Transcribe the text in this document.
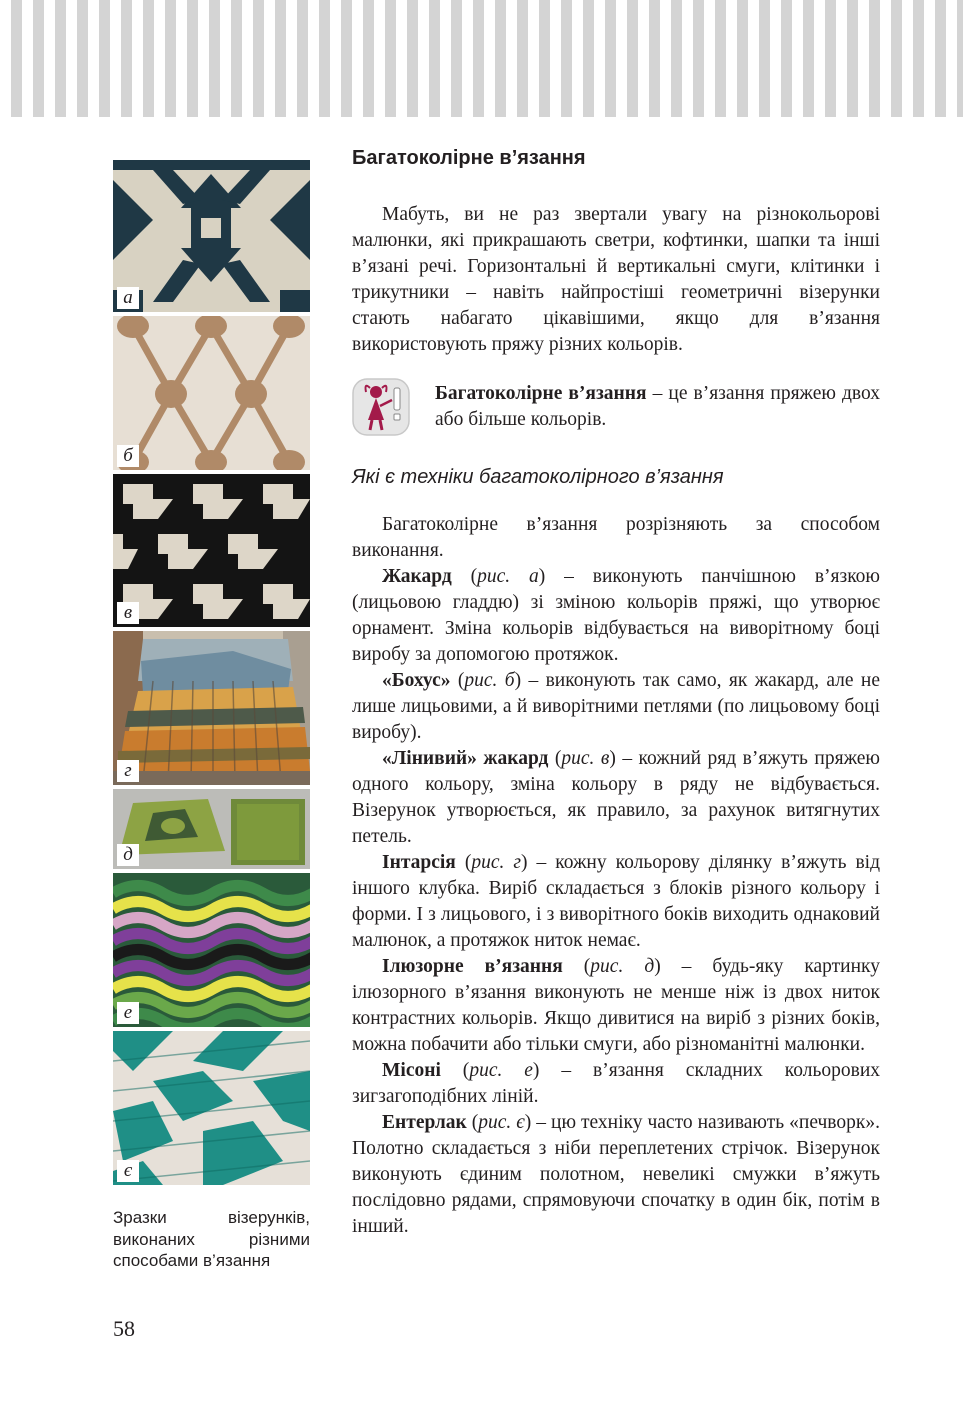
а
б
в
г
д
е
є
Зразки візерунків, виконаних різними способами в’язання
Багатоколірне в’язання

Мабуть, ви не раз звертали увагу на різнокольорові малюнки, які прикрашають светри, кофтинки, шапки та інші в’язані речі. Горизонтальні й вертикальні смуги, клітинки і трикутники – навіть найпростіші геометричні візерунки стають набагато цікавішими, якщо для в’язання використовують пряжу різних кольорів.

Багатоколірне в’язання – це в’язання пряжею двох або більше кольорів.

Які є техніки багатоколірного в’язання

Багатоколірне в’язання розрізняють за способом виконання.

Жакард (рис. а) – виконують панчішною в’язкою (лицьовою гладдю) зі зміною кольорів пряжі, що утворює орнамент. Зміна кольорів відбувається на виворітному боці виробу за допомогою протяжок.

«Бохус» (рис. б) – виконують так само, як жакард, але не лише лицьовими, а й виворітними петлями (по лицьовому боці виробу).

«Лінивий» жакард (рис. в) – кожний ряд в’яжуть пряжею одного кольору, зміна кольору в ряду не відбувається. Візерунок утворюється, як правило, за рахунок витягнутих петель.

Інтарсія (рис. г) – кожну кольорову ділянку в’яжуть від іншого клубка. Виріб складається з блоків різного кольору і форми. І з лицьового, і з виворітного боків виходить однаковий малюнок, а протяжок ниток немає.

Ілюзорне в’язання (рис. д) – будь-яку картинку ілюзорного в’язання виконують не менше ніж із двох ниток контрастних кольорів. Якщо дивитися на виріб з різних боків, можна побачити або тільки смуги, або різноманітні малюнки.

Місоні (рис. е) – в’язання складних кольорових зигзагоподібних ліній.

Ентерлак (рис. є) – цю техніку часто називають «печворк». Полотно складається з ніби переплетених стрічок. Візерунок виконують єдиним полотном, невеликі смужки в’яжуть послідовно рядами, спрямовуючи спочатку в один бік, потім в інший.

58
